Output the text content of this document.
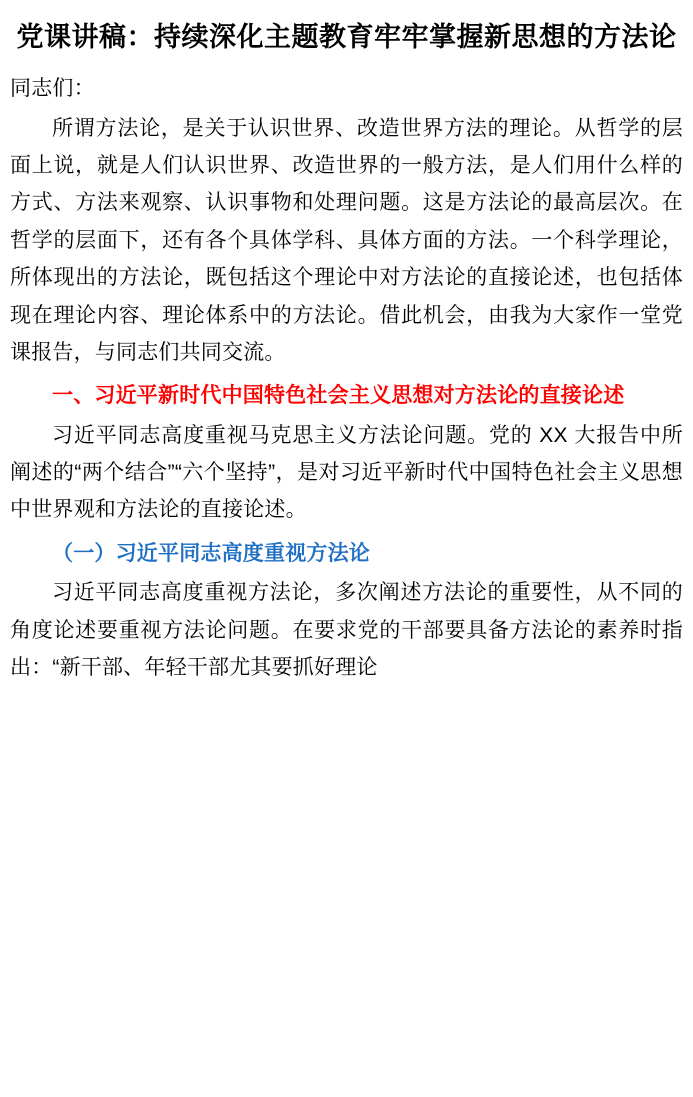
党课讲稿：持续深化主题教育牢牢掌握新思想的方法论

同志们：

所谓方法论，是关于认识世界、改造世界方法的理论。从哲学的层面上说，就是人们认识世界、改造世界的一般方法，是人们用什么样的方式、方法来观察、认识事物和处理问题。这是方法论的最高层次。在哲学的层面下，还有各个具体学科、具体方面的方法。一个科学理论，所体现出的方法论，既包括这个理论中对方法论的直接论述，也包括体现在理论内容、理论体系中的方法论。借此机会，由我为大家作一堂党课报告，与同志们共同交流。

一、习近平新时代中国特色社会主义思想对方法论的直接论述

习近平同志高度重视马克思主义方法论问题。党的 XX 大报告中所阐述的“两个结合”“六个坚持”，是对习近平新时代中国特色社会主义思想中世界观和方法论的直接论述。

（一）习近平同志高度重视方法论

习近平同志高度重视方法论，多次阐述方法论的重要性，从不同的角度论述要重视方法论问题。在要求党的干部要具备方法论的素养时指出：“新干部、年轻干部尤其要抓好理论
